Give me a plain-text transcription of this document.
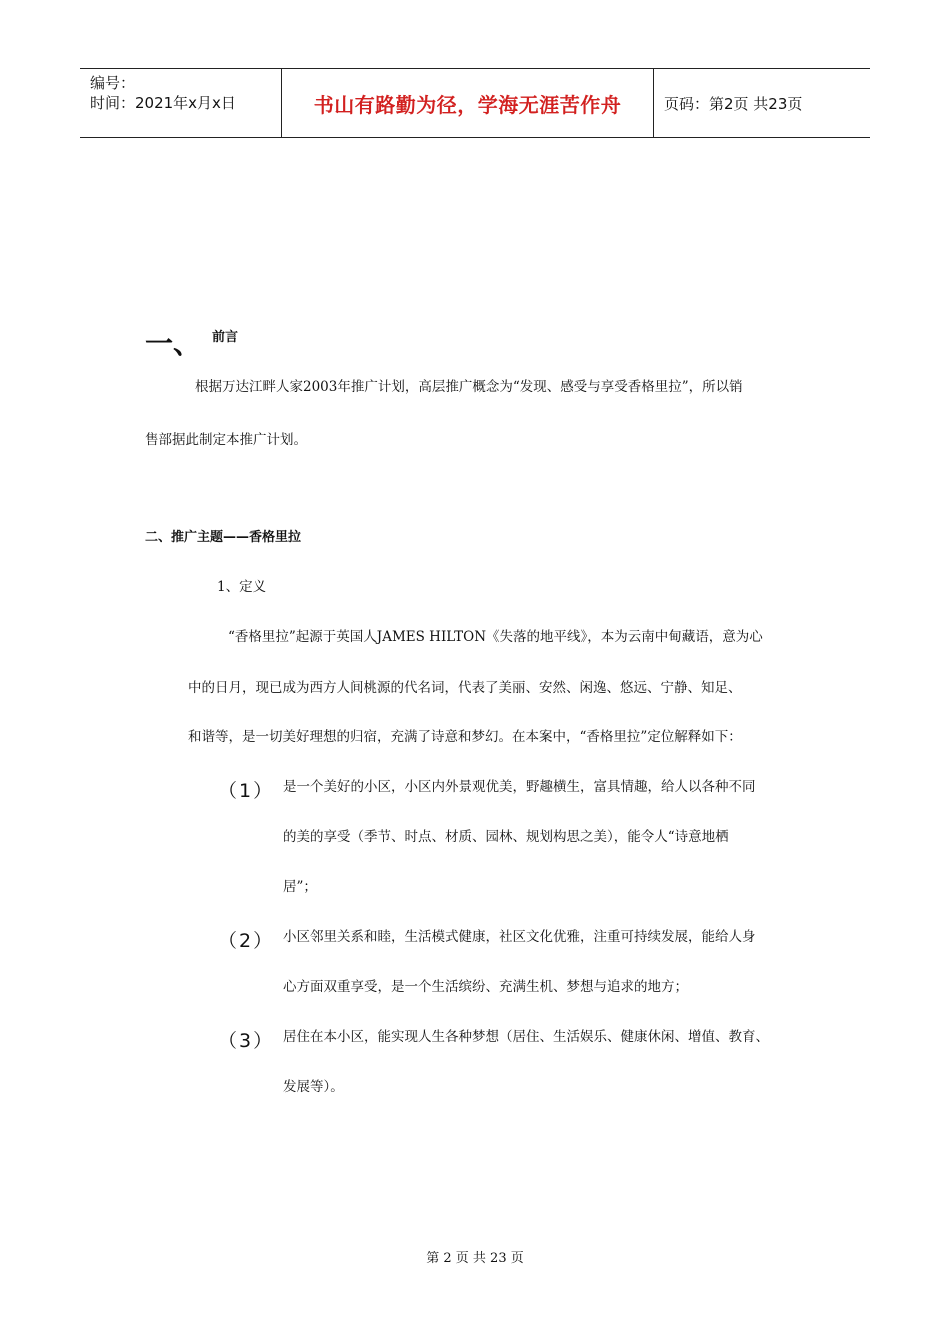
编号：
时间：2021年x月x日	书山有路勤为径，学海无涯苦作舟	页码：第2页 共23页
一、 前言
根据万达江畔人家2003年推广计划，高层推广概念为“发现、感受与享受香格里拉”，所以销
售部据此制定本推广计划。
二、推广主题——香格里拉
1、定义
“香格里拉”起源于英国人JAMES HILTON《失落的地平线》，本为云南中甸藏语，意为心
中的日月，现已成为西方人间桃源的代名词，代表了美丽、安然、闲逸、悠远、宁静、知足、
和谐等，是一切美好理想的归宿，充满了诗意和梦幻。在本案中，“香格里拉”定位解释如下：
（1） 是一个美好的小区，小区内外景观优美，野趣横生，富具情趣，给人以各种不同
的美的享受（季节、时点、材质、园林、规划构思之美），能令人“诗意地栖
居”；
（2） 小区邻里关系和睦，生活模式健康，社区文化优雅，注重可持续发展，能给人身
心方面双重享受，是一个生活缤纷、充满生机、梦想与追求的地方；
（3） 居住在本小区，能实现人生各种梦想（居住、生活娱乐、健康休闲、增值、教育、
发展等）。
第 2 页 共 23 页
